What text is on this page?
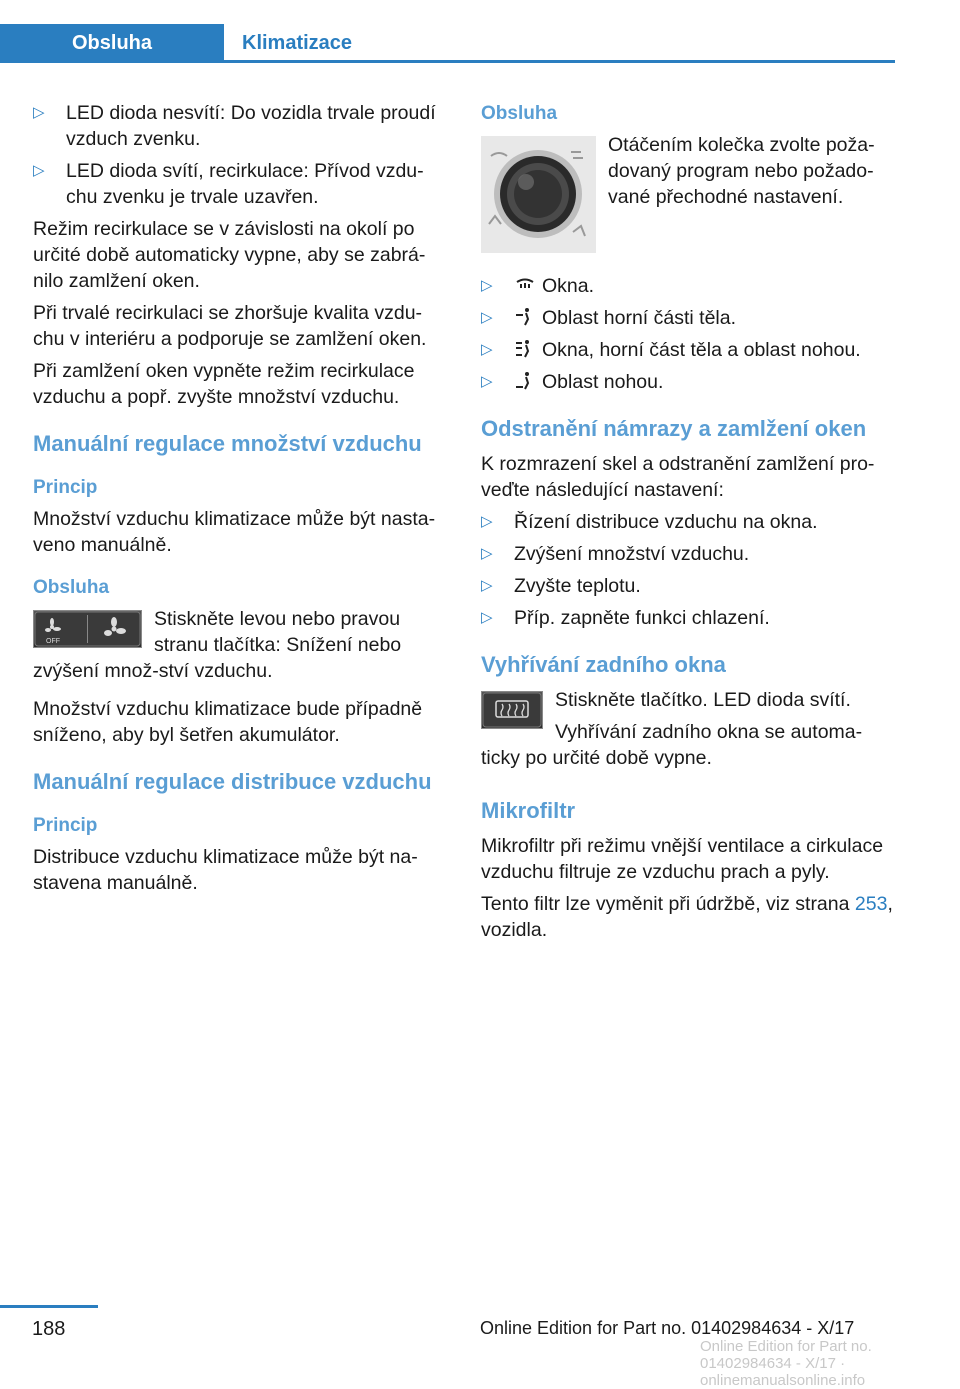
Obsluha	Klimatizace
▷	LED dioda nesvítí: Do vozidla trvale proudí vzduch zvenku.
▷	LED dioda svítí, recirkulace: Přívod vzdu-chu zvenku je trvale uzavřen.

Režim recirkulace se v závislosti na okolí po určité době automaticky vypne, aby se zabrá-nilo zamlžení oken.

Při trvalé recirkulaci se zhoršuje kvalita vzdu-chu v interiéru a podporuje se zamlžení oken.

Při zamlžení oken vypněte režim recirkulace vzduchu a popř. zvyšte množství vzduchu.

Manuální regulace množství vzduchu
Princip

Množství vzduchu klimatizace může být nasta-veno manuálně.

Obsluha
OFF
Stiskněte levou nebo pravou stranu tlačítka: Snížení nebo zvýšení množ-ství vzduchu.

Množství vzduchu klimatizace bude případně sníženo, aby byl šetřen akumulátor.

Manuální regulace distribuce vzduchu
Princip

Distribuce vzduchu klimatizace může být na-stavena manuálně.

Obsluha
Otáčením kolečka zvolte poža-dovaný program nebo požado-vané přechodné nastavení.
▷	Okna.
▷	Oblast horní části těla.
▷	Okna, horní část těla a oblast nohou.
▷	Oblast nohou.
Odstranění námrazy a zamlžení oken

K rozmrazení skel a odstranění zamlžení pro-veďte následující nastavení:

▷	Řízení distribuce vzduchu na okna.
▷	Zvýšení množství vzduchu.
▷	Zvyšte teplotu.
▷	Příp. zapněte funkci chlazení.
Vyhřívání zadního okna

Stiskněte tlačítko. LED dioda svítí.

Vyhřívání zadního okna se automa-ticky po určité době vypne.
Mikrofiltr

Mikrofiltr při režimu vnější ventilace a cirkulace vzduchu filtruje ze vzduchu prach a pyly.

Tento filtr lze vyměnit při údržbě, viz strana 253, vozidla.

188	Online Edition for Part no. 01402984634 - X/17
Online Edition for Part no. 01402984634 - X/17 · onlinemanualsonline.info
